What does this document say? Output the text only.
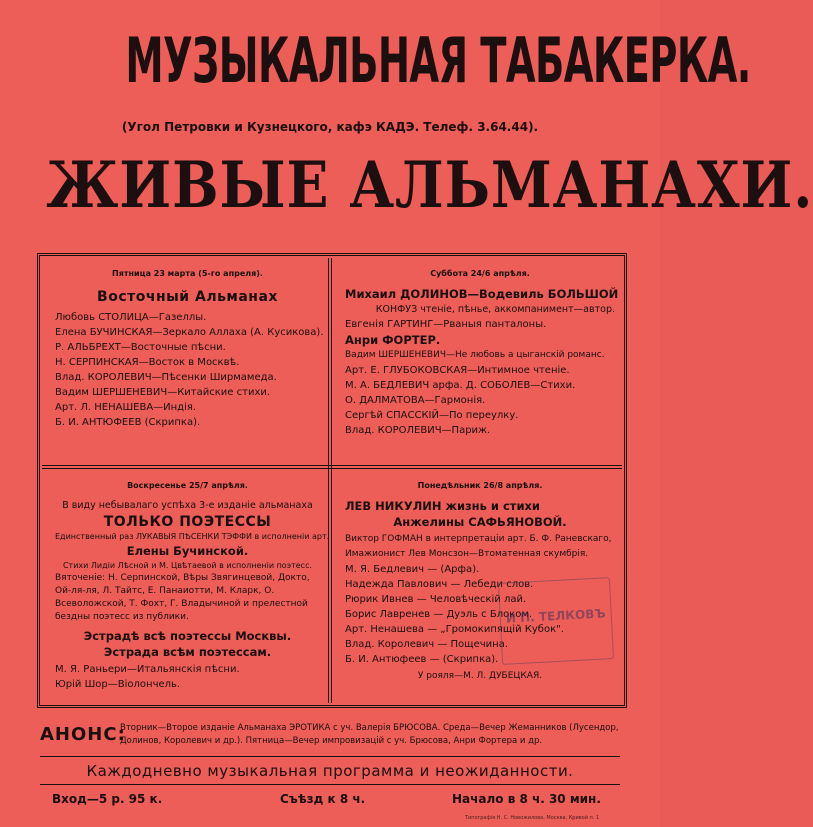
МУЗЫКАЛЬНАЯ ТАБАКЕРКА.
(Угол Петровки и Кузнецкого, кафэ КАДЭ. Телеф. 3.64.44).
ЖИВЫЕ АЛЬМАНАХИ.
Пятница 23 марта (5-го апреля).
Восточный Альманах
Любовь СТОЛИЦА—Газеллы.
Елена БУЧИНСКАЯ—Зеркало Аллаха (А. Кусикова).
Р. АЛЬБРЕХТ—Восточные пѣсни.
Н. СЕРПИНСКАЯ—Восток в Москвѣ.
Влад. КОРОЛЕВИЧ—Пѣсенки Ширмамеда.
Вадим ШЕРШЕНЕВИЧ—Китайские стихи.
Арт. Л. НЕНАШЕВА—Индія.
Б. И. АНТЮФЕЕВ (Скрипка).
Суббота 24/6 апрѣля.
Михаил ДОЛИНОВ—Водевиль БОЛЬШОЙ
КОНФУЗ чтеніе, пѣнье, аккомпанимент—автор.
Евгенія ГАРТИНГ—Рваныя панталоны.
Анри ФОРТЕР.
Вадим ШЕРШЕНЕВИЧ—Не любовь а цыганскій романс.
Арт. Е. ГЛУБОКОВСКАЯ—Интимное чтеніе.
М. А. БЕДЛЕВИЧ арфа. Д. СОБОЛЕВ—Стихи.
О. ДАЛМАТОВА—Гармонія.
Сергѣй СПАССКІЙ—По переулку.
Влад. КОРОЛЕВИЧ—Париж.
Воскресенье 25/7 апрѣля.
В виду небывалаго успѣха 3-е изданіе альманаха
ТОЛЬКО ПОЭТЕССЫ
Единственный раз ЛУКАВЫЯ ПѢСЕНКИ ТЭФФИ в исполненіи арт.
Елены Бучинской.
Стихи Лидіи Лѣсной и М. Цвѣтаевой в исполненіи поэтесс.
Вяточеніе: Н. Серпинской, Вѣры Звягинцевой, Докто, Ой-ля-ля, Л. Тайтс, Е. Панаиотти, М. Кларк, О. Всеволожской, Т. Фохт, Г. Владычиной и прелестной бездны поэтесс из публики.
Эстрадѣ всѣ поэтессы Москвы.
Эстрада всѣм поэтессам.
М. Я. Раньери—Итальянскія пѣсни.
Юрій Шор—Віолончель.
Понедѣльник 26/8 апрѣля.
ЛЕВ НИКУЛИН жизнь и стихи
Анжелины САФЬЯНОВОЙ.
Виктор ГОФМАН в интерпретаціи арт. Б. Ф. Раневскаго,
Имажионист Лев Монсзон—Втоматенная скумбрія.
М. Я. Бедлевич — (Арфа).
Надежда Павлович — Лебеди слов.
Рюрик Ивнев — Человѣческій лай.
Борис Лавренев — Дуэль с Блоком.
Арт. Ненашева — „Громокипящій Кубок".
Влад. Королевич — Пощечина.
Б. И. Антюфеев — (Скрипка).
У рояля—М. Л. ДУБЕЦКАЯ.
И П. ТЕЛКОВЪ
АНОНС:
Вторник—Второе изданіе Альманаха ЭРОТИКА с уч. Валерія БРЮСОВА. Среда—Вечер Жеманников (Лусендор, Долинов, Королевич и др.). Пятница—Вечер импровизацій с уч. Брюсова, Анри Фортера и др.
Каждодневно музыкальная программа и неожиданности.
Вход—5 р. 95 к.	Съѣзд к 8 ч.	Начало в 8 ч. 30 мин.
Типографія Н. С. Новожилова, Москва, Кривой п. 1
